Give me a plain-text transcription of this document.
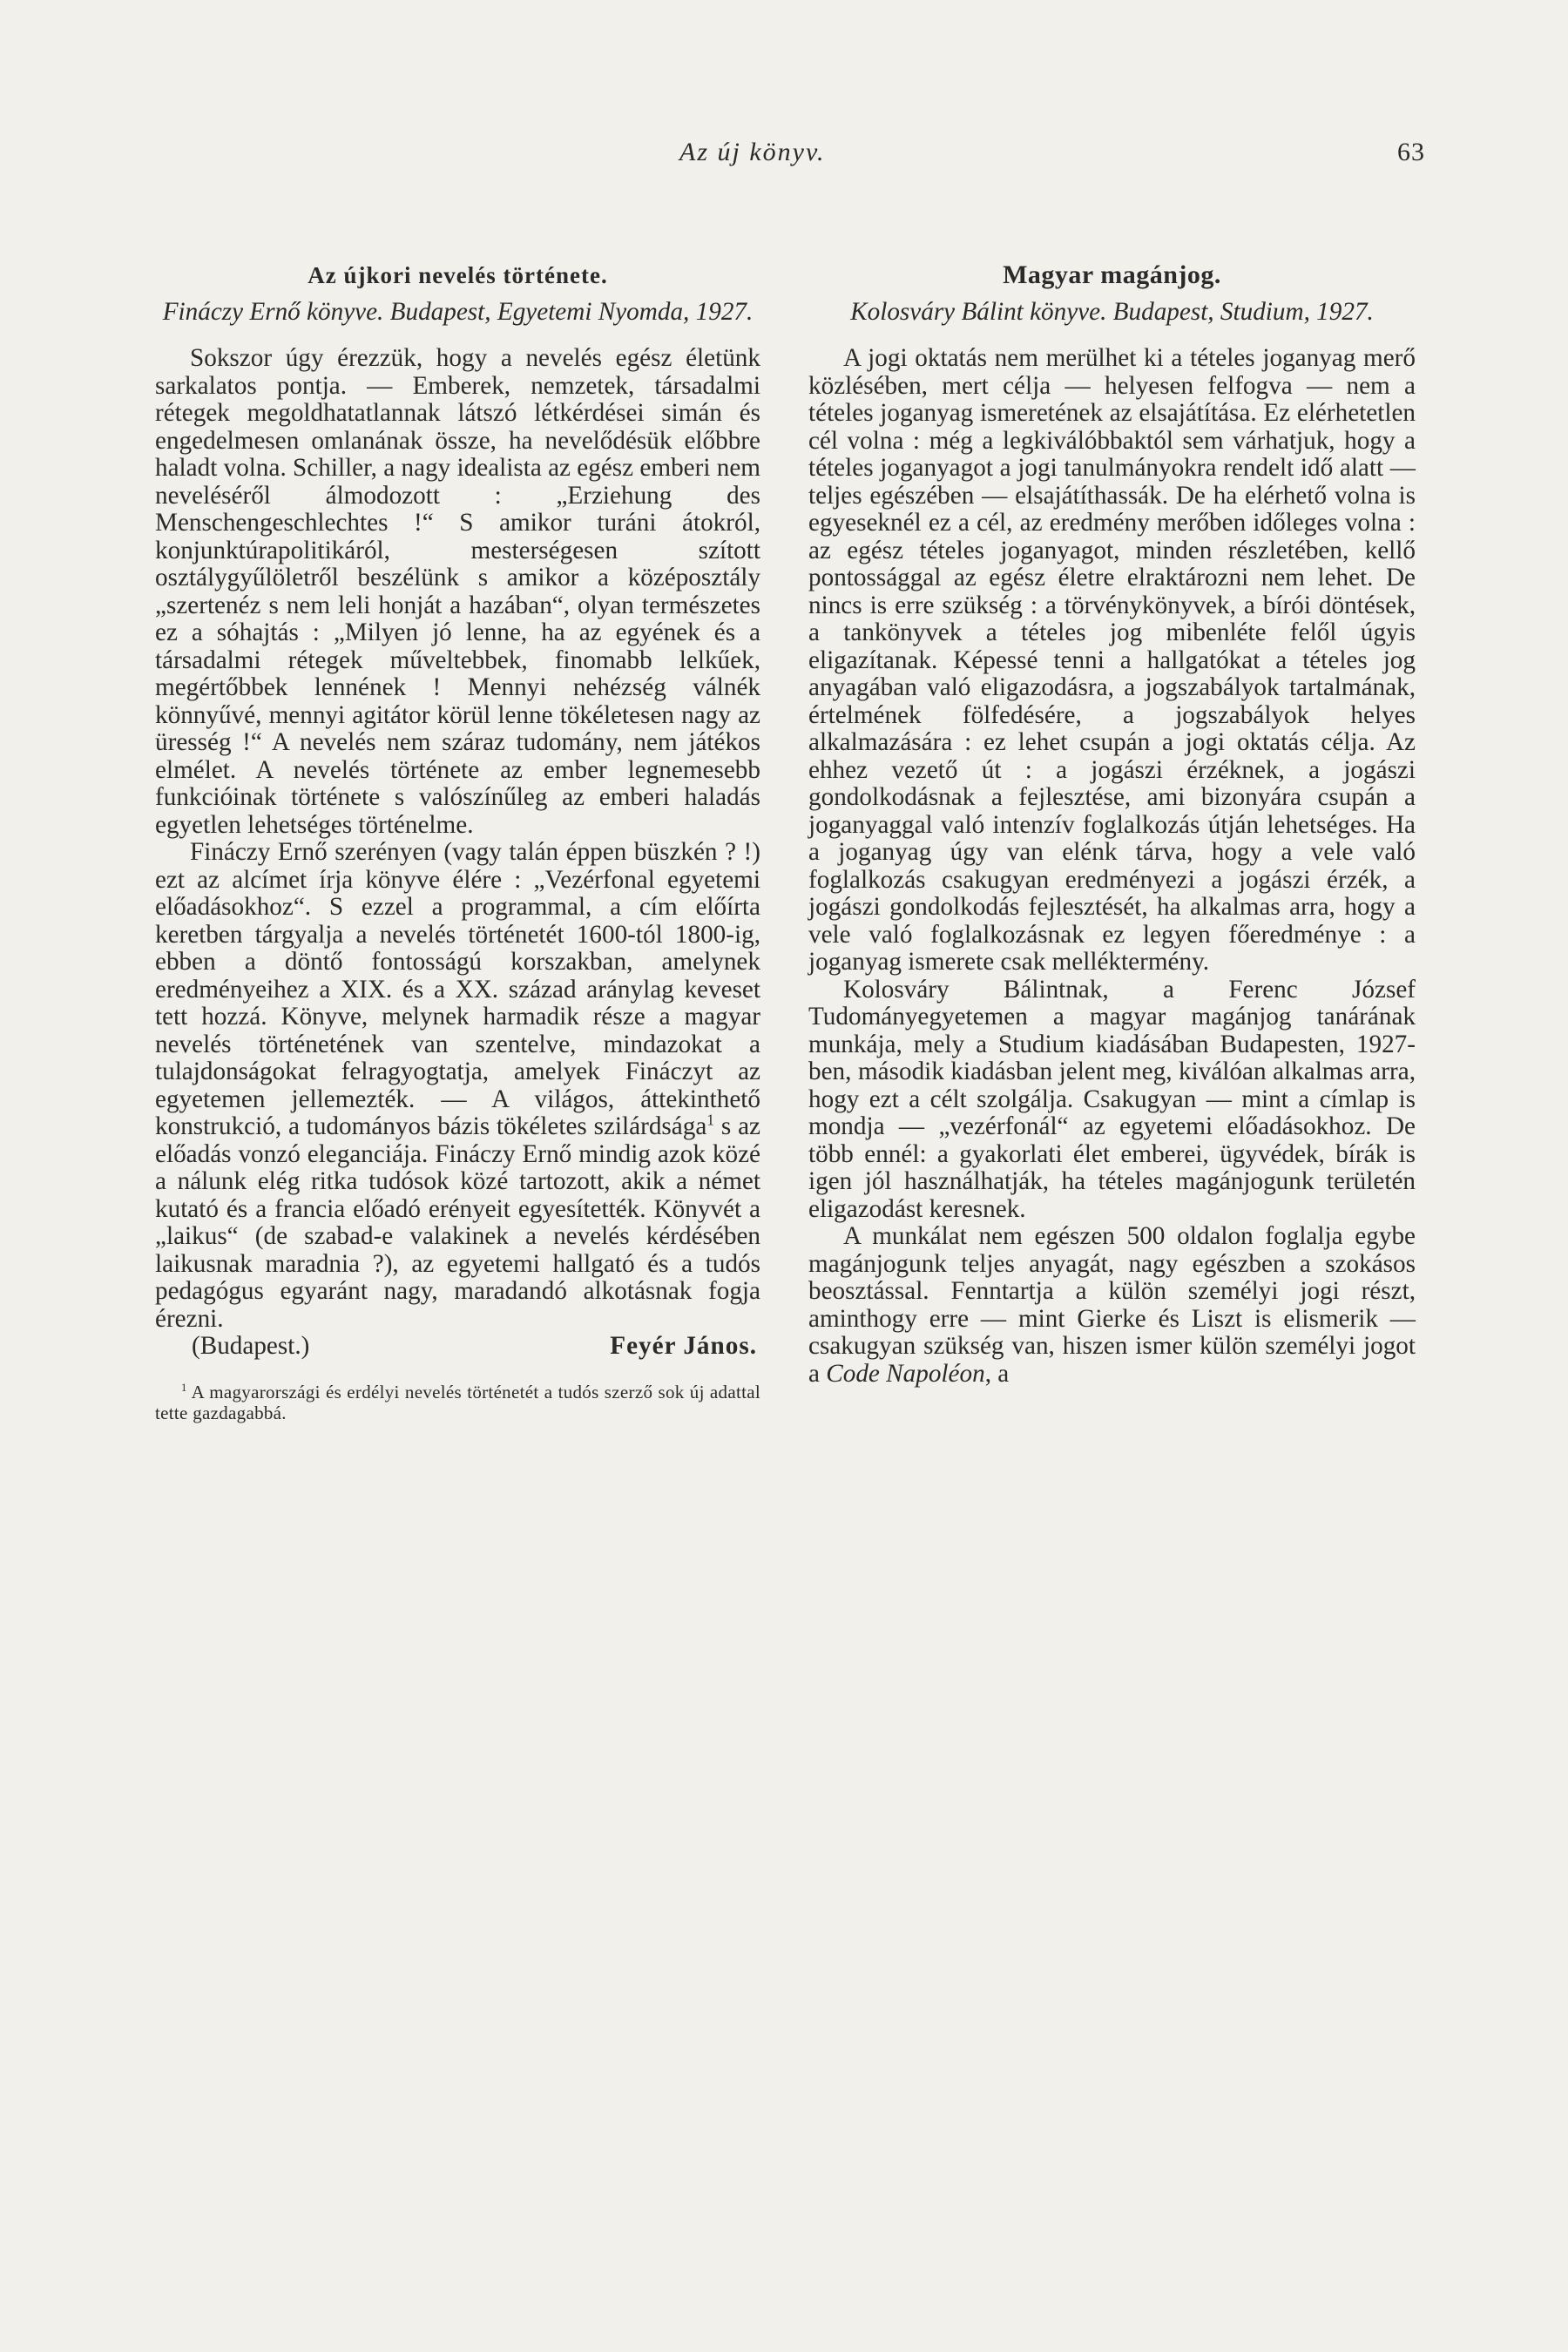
Az új könyv.	63
Az újkori nevelés története.
Fináczy Ernő könyve. Budapest, Egyetemi Nyomda, 1927.

Sokszor úgy érezzük, hogy a nevelés egész életünk sarkalatos pontja. — Emberek, nemzetek, társadalmi rétegek megoldhatatlannak látszó létkérdései simán és engedelmesen omlanának össze, ha nevelődésük előbbre haladt volna. Schiller, a nagy idealista az egész emberi nem neveléséről álmodozott : „Erziehung des Menschengeschlechtes !“ S amikor turáni átokról, konjunktúrapolitikáról, mesterségesen szított osztálygyűlöletről beszélünk s amikor a középosztály „szertenéz s nem leli honját a hazában“, olyan természetes ez a sóhajtás : „Milyen jó lenne, ha az egyének és a társadalmi rétegek műveltebbek, finomabb lelkűek, megértőbbek lennének ! Mennyi nehézség válnék könnyűvé, mennyi agitátor körül lenne tökéletesen nagy az üresség !“ A nevelés nem száraz tudomány, nem játékos elmélet. A nevelés története az ember legnemesebb funkcióinak története s valószínűleg az emberi haladás egyetlen lehetséges történelme.

Fináczy Ernő szerényen (vagy talán éppen büszkén ? !) ezt az alcímet írja könyve élére : „Vezérfonal egyetemi előadásokhoz“. S ezzel a programmal, a cím előírta keretben tárgyalja a nevelés történetét 1600-tól 1800-ig, ebben a döntő fontosságú korszakban, amelynek eredményeihez a XIX. és a XX. század aránylag keveset tett hozzá. Könyve, melynek harmadik része a magyar nevelés történetének van szentelve, mindazokat a tulajdonságokat felragyogtatja, amelyek Fináczyt az egyetemen jellemezték. — A világos, áttekinthető konstrukció, a tudományos bázis tökéletes szilárdsága$^1$ s az előadás vonzó eleganciája. Fináczy Ernő mindig azok közé a nálunk elég ritka tudósok közé tartozott, akik a német kutató és a francia előadó erényeit egyesítették. Könyvét a „laikus“ (de szabad-e valakinek a nevelés kérdésében laikusnak maradnia ?), az egyetemi hallgató és a tudós pedagógus egyaránt nagy, maradandó alkotásnak fogja érezni.

(Budapest.)	Feyér János.
$^1$ A magyarországi és erdélyi nevelés történetét a tudós szerző sok új adattal tette gazdagabbá.
Magyar magánjog.
Kolosváry Bálint könyve. Budapest, Studium, 1927.

A jogi oktatás nem merülhet ki a tételes joganyag merő közlésében, mert célja — helyesen felfogva — nem a tételes joganyag ismeretének az elsajátítása. Ez elérhetetlen cél volna : még a legkiválóbbaktól sem várhatjuk, hogy a tételes joganyagot a jogi tanulmányokra rendelt idő alatt — teljes egészében — elsajátíthassák. De ha elérhető volna is egyeseknél ez a cél, az eredmény merőben időleges volna : az egész tételes joganyagot, minden részletében, kellő pontossággal az egész életre elraktározni nem lehet. De nincs is erre szükség : a törvénykönyvek, a bírói döntések, a tankönyvek a tételes jog mibenléte felől úgyis eligazítanak. Képessé tenni a hallgatókat a tételes jog anyagában való eligazodásra, a jogszabályok tartalmának, értelmének fölfedésére, a jogszabályok helyes alkalmazására : ez lehet csupán a jogi oktatás célja. Az ehhez vezető út : a jogászi érzéknek, a jogászi gondolkodásnak a fejlesztése, ami bizonyára csupán a joganyaggal való intenzív foglalkozás útján lehetséges. Ha a joganyag úgy van elénk tárva, hogy a vele való foglalkozás csakugyan eredményezi a jogászi érzék, a jogászi gondolkodás fejlesztését, ha alkalmas arra, hogy a vele való foglalkozásnak ez legyen főeredménye : a joganyag ismerete csak melléktermény.

Kolosváry Bálintnak, a Ferenc József Tudományegyetemen a magyar magánjog tanárának munkája, mely a Studium kiadásában Budapesten, 1927-ben, második kiadásban jelent meg, kiválóan alkalmas arra, hogy ezt a célt szolgálja. Csakugyan — mint a címlap is mondja — „vezérfonál“ az egyetemi előadásokhoz. De több ennél: a gyakorlati élet emberei, ügyvédek, bírák is igen jól használhatják, ha tételes magánjogunk területén eligazodást keresnek.

A munkálat nem egészen 500 oldalon foglalja egybe magánjogunk teljes anyagát, nagy egészben a szokásos beosztással. Fenntartja a külön személyi jogi részt, aminthogy erre — mint Gierke és Liszt is elismerik — csakugyan szükség van, hiszen ismer külön személyi jogot a Code Napoléon, a
